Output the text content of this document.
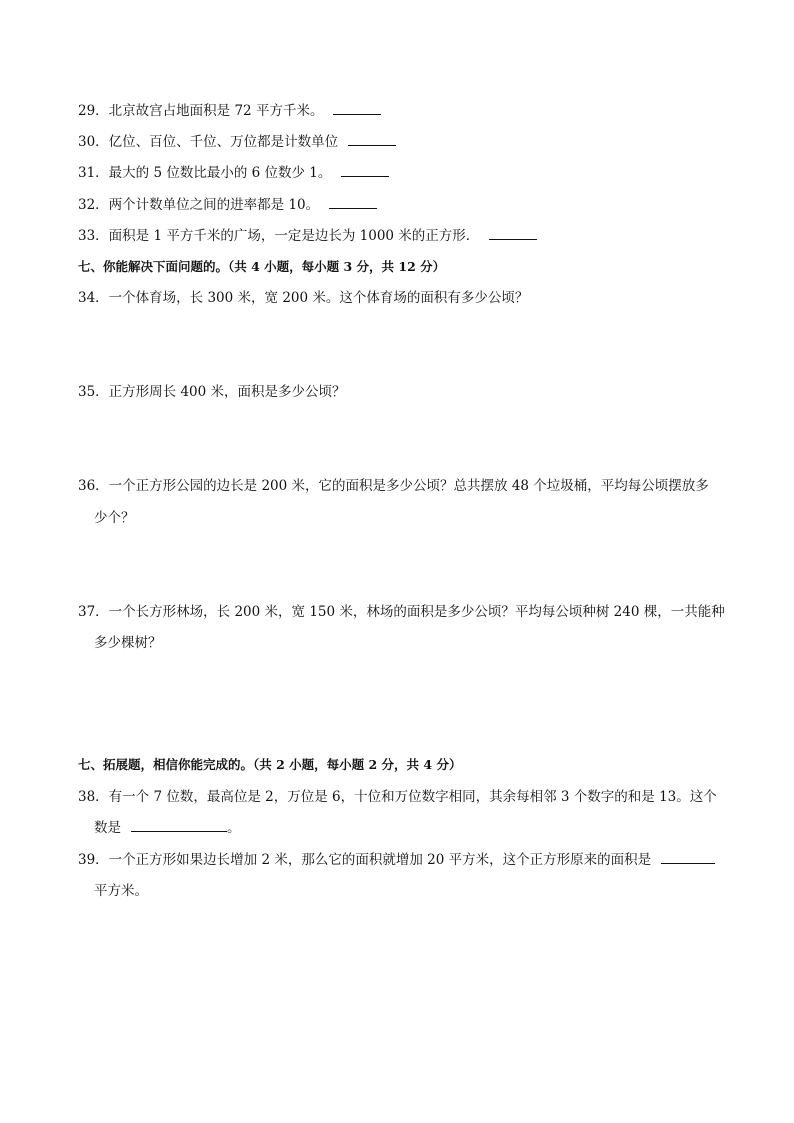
29．北京故宫占地面积是 72 平方千米。
30．亿位、百位、千位、万位都是计数单位
31．最大的 5 位数比最小的 6 位数少 1。
32．两个计数单位之间的进率都是 10。
33．面积是 1 平方千米的广场，一定是边长为 1000 米的正方形．
七、你能解决下面问题的。（共 4 小题，每小题 3 分，共 12 分）
34．一个体育场，长 300 米，宽 200 米。这个体育场的面积有多少公顷？
35．正方形周长 400 米，面积是多少公顷？
36．一个正方形公园的边长是 200 米，它的面积是多少公顷？总共摆放 48 个垃圾桶，平均每公顷摆放多
少个？
37．一个长方形林场，长 200 米，宽 150 米，林场的面积是多少公顷？平均每公顷种树 240 棵，一共能种
多少棵树？
七、拓展题，相信你能完成的。（共 2 小题，每小题 2 分，共 4 分）
38．有一个 7 位数，最高位是 2，万位是 6，十位和万位数字相同，其余每相邻 3 个数字的和是 13。这个
数是	。
39．一个正方形如果边长增加 2 米，那么它的面积就增加 20 平方米，这个正方形原来的面积是
平方米。
